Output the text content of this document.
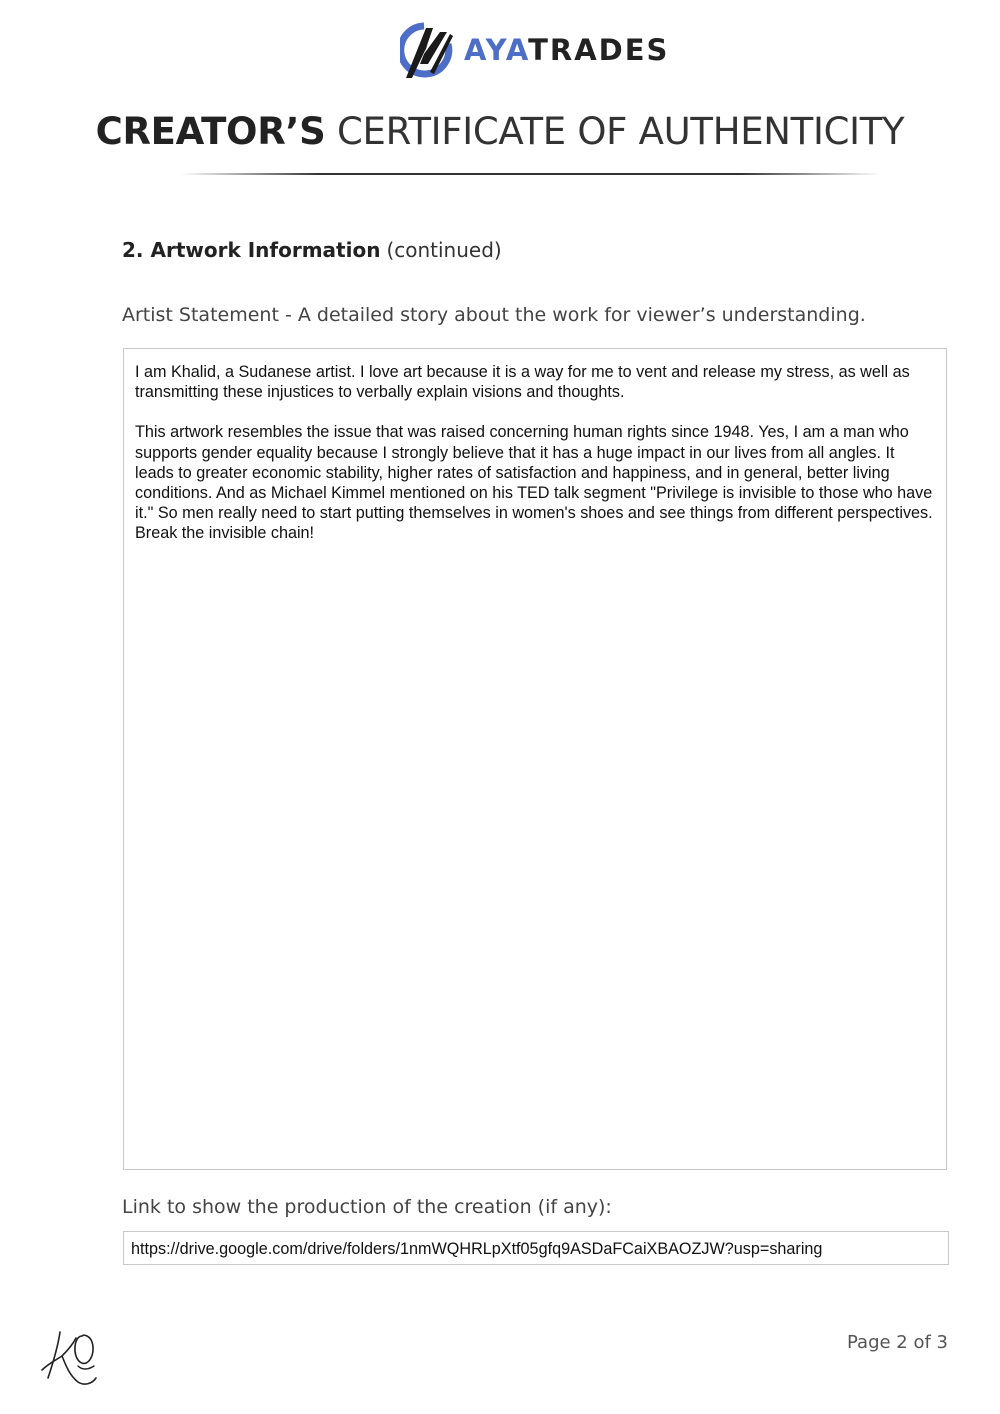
AYATRADES
CREATOR’S CERTIFICATE OF AUTHENTICITY
2. Artwork Information (continued)
Artist Statement - A detailed story about the work for viewer’s understanding.

I am Khalid, a Sudanese artist. I love art because it is a way for me to vent and release my stress, as well as transmitting these injustices to verbally explain visions and thoughts.

This artwork resembles the issue that was raised concerning human rights since 1948. Yes, I am a man who supports gender equality because I strongly believe that it has a huge impact in our lives from all angles. It leads to greater economic stability, higher rates of satisfaction and happiness, and in general, better living conditions. And as Michael Kimmel mentioned on his TED talk segment "Privilege is invisible to those who have it." So men really need to start putting themselves in women's shoes and see things from different perspectives. Break the invisible chain!

Link to show the production of the creation (if any):
https://drive.google.com/drive/folders/1nmWQHRLpXtf05gfq9ASDaFCaiXBAOZJW?usp=sharing
Page 2 of 3
